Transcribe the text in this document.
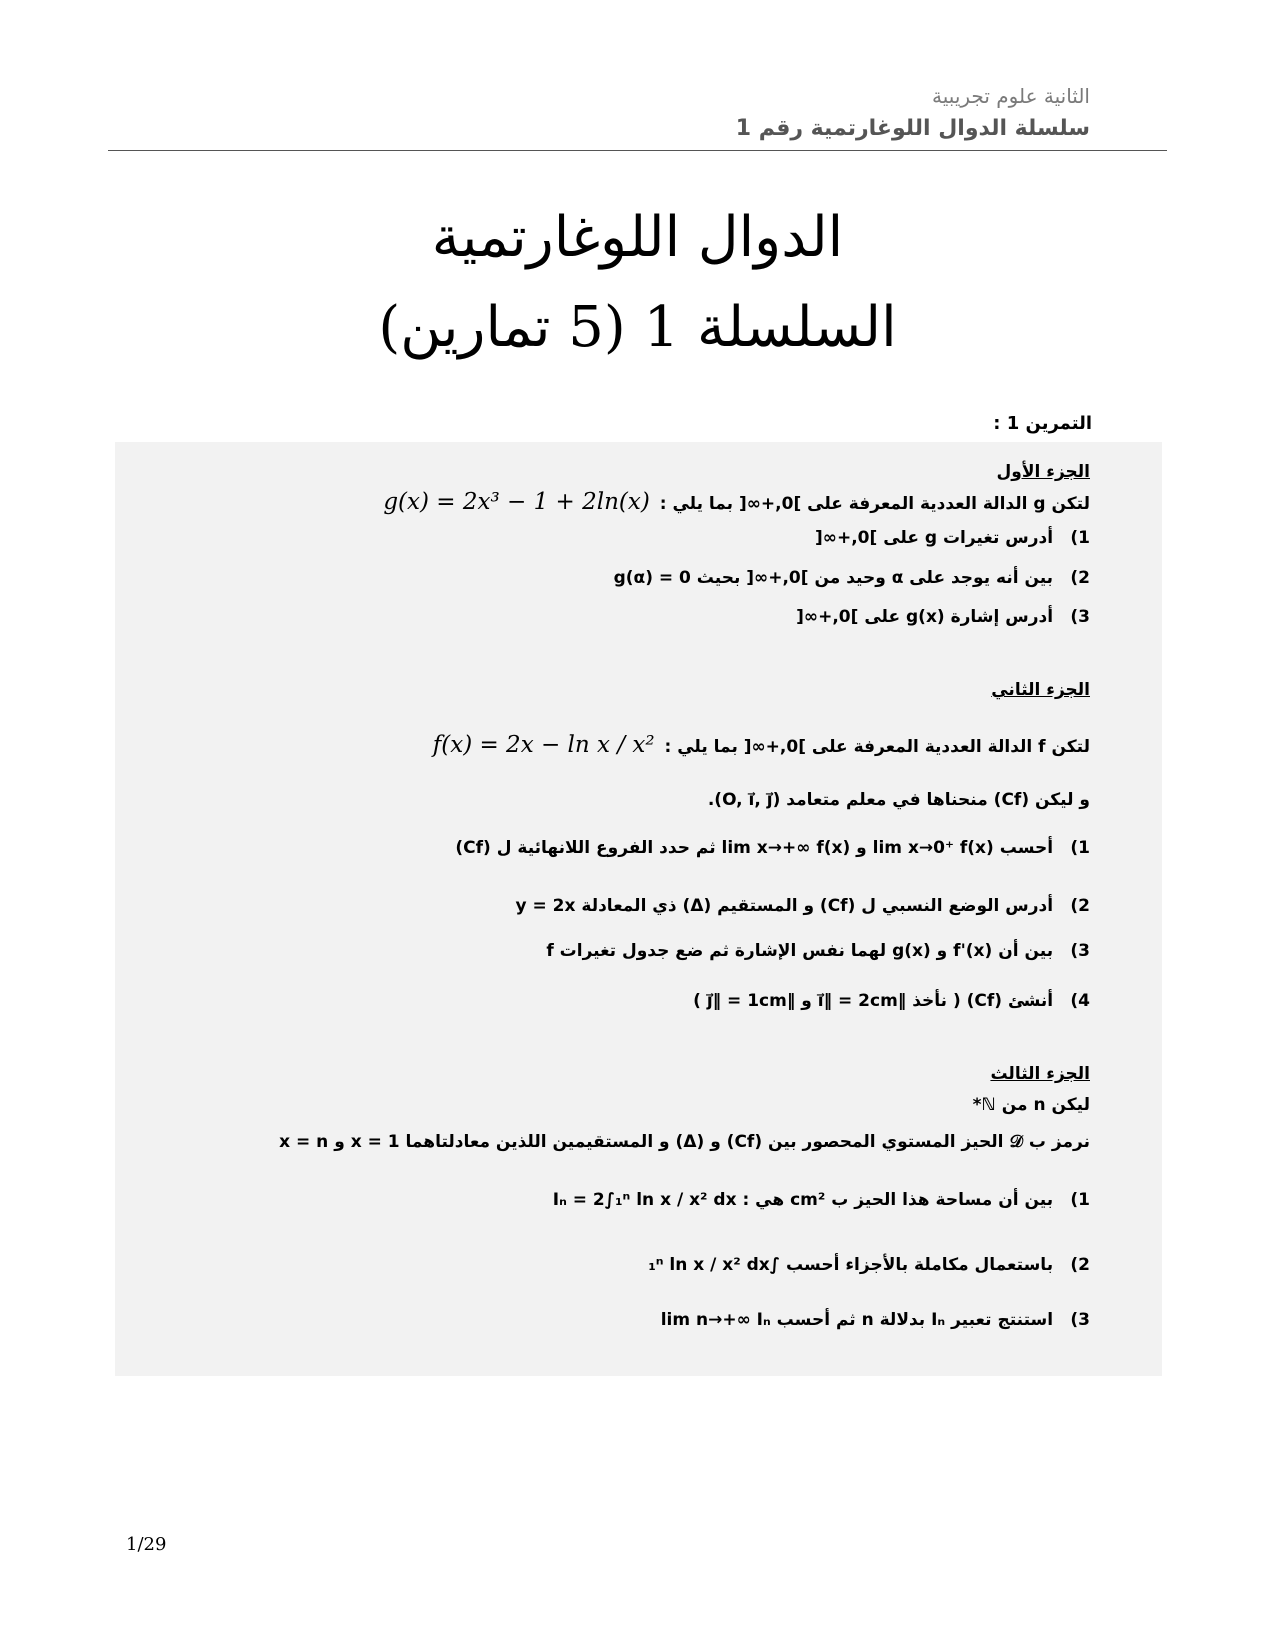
الثانية علوم تجريبية
سلسلة الدوال اللوغارتمية رقم 1
الدوال اللوغارتمية
السلسلة 1 (5 تمارين)
التمرين 1 :
الجزء الأول
لتكن g الدالة العددية المعرفة على ]0,+∞[ بما يلي : g(x) = 2x³ − 1 + 2ln(x)
1) أدرس تغيرات g على ]0,+∞[
2) بين أنه يوجد على α وحيد من ]0,+∞[ بحيث g(α) = 0
3) أدرس إشارة g(x) على ]0,+∞[
الجزء الثاني
لتكن f الدالة العددية المعرفة على ]0,+∞[ بما يلي : f(x) = 2x − ln x / x²
و ليكن (Cf) منحناها في معلم متعامد (O, i⃗, j⃗).
1) أحسب lim x→0⁺ f(x) و lim x→+∞ f(x) ثم حدد الفروع اللانهائية ل (Cf)
2) أدرس الوضع النسبي ل (Cf) و المستقيم (Δ) ذي المعادلة y = 2x
3) بين أن f'(x) و g(x) لهما نفس الإشارة ثم ضع جدول تغيرات f
4) أنشئ (Cf) ( نأخذ ‖i⃗‖ = 2cm و ‖j⃗‖ = 1cm )
الجزء الثالث
ليكن n من ℕ*
نرمز ب 𝒟 الحيز المستوي المحصور بين (Cf) و (Δ) و المستقيمين اللذين معادلتاهما x = 1 و x = n
1) بين أن مساحة هذا الحيز ب cm² هي : Iₙ = 2∫₁ⁿ ln x / x² dx
2) باستعمال مكاملة بالأجزاء أحسب ∫₁ⁿ ln x / x² dx
3) استنتج تعبير Iₙ بدلالة n ثم أحسب lim n→+∞ Iₙ
1/29
